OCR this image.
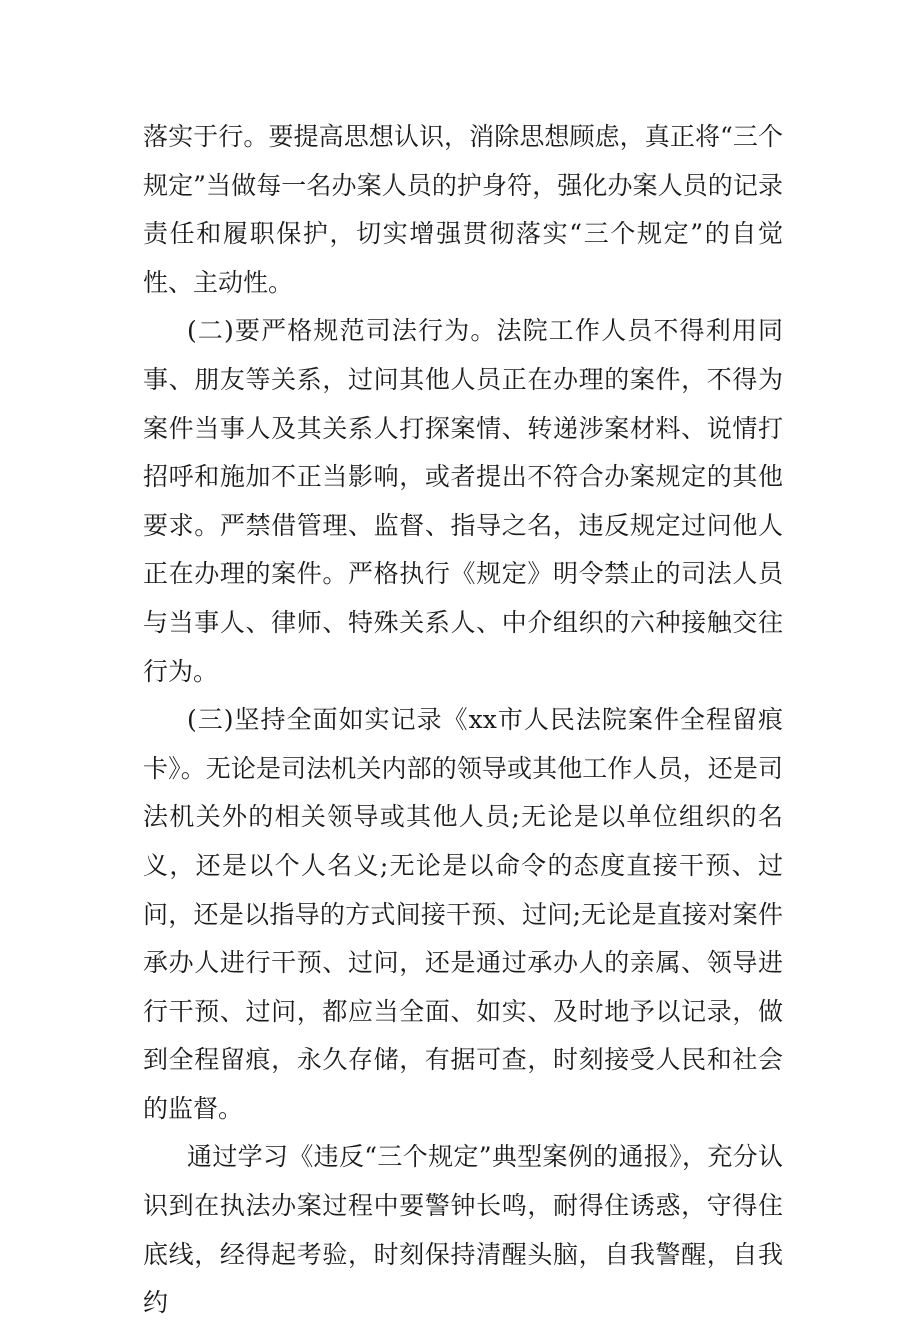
落实于行。要提高思想认识，消除思想顾虑，真正将“三个规定”当做每一名办案人员的护身符，强化办案人员的记录责任和履职保护，切实增强贯彻落实“三个规定”的自觉性、主动性。

(二)要严格规范司法行为。法院工作人员不得利用同事、朋友等关系，过问其他人员正在办理的案件，不得为案件当事人及其关系人打探案情、转递涉案材料、说情打招呼和施加不正当影响，或者提出不符合办案规定的其他要求。严禁借管理、监督、指导之名，违反规定过问他人正在办理的案件。严格执行《规定》明令禁止的司法人员与当事人、律师、特殊关系人、中介组织的六种接触交往行为。

(三)坚持全面如实记录《xx市人民法院案件全程留痕卡》。无论是司法机关内部的领导或其他工作人员，还是司法机关外的相关领导或其他人员;无论是以单位组织的名义，还是以个人名义;无论是以命令的态度直接干预、过问，还是以指导的方式间接干预、过问;无论是直接对案件承办人进行干预、过问，还是通过承办人的亲属、领导进行干预、过问，都应当全面、如实、及时地予以记录，做到全程留痕，永久存储，有据可查，时刻接受人民和社会的监督。

通过学习《违反“三个规定”典型案例的通报》，充分认识到在执法办案过程中要警钟长鸣，耐得住诱惑，守得住底线，经得起考验，时刻保持清醒头脑，自我警醒，自我约
